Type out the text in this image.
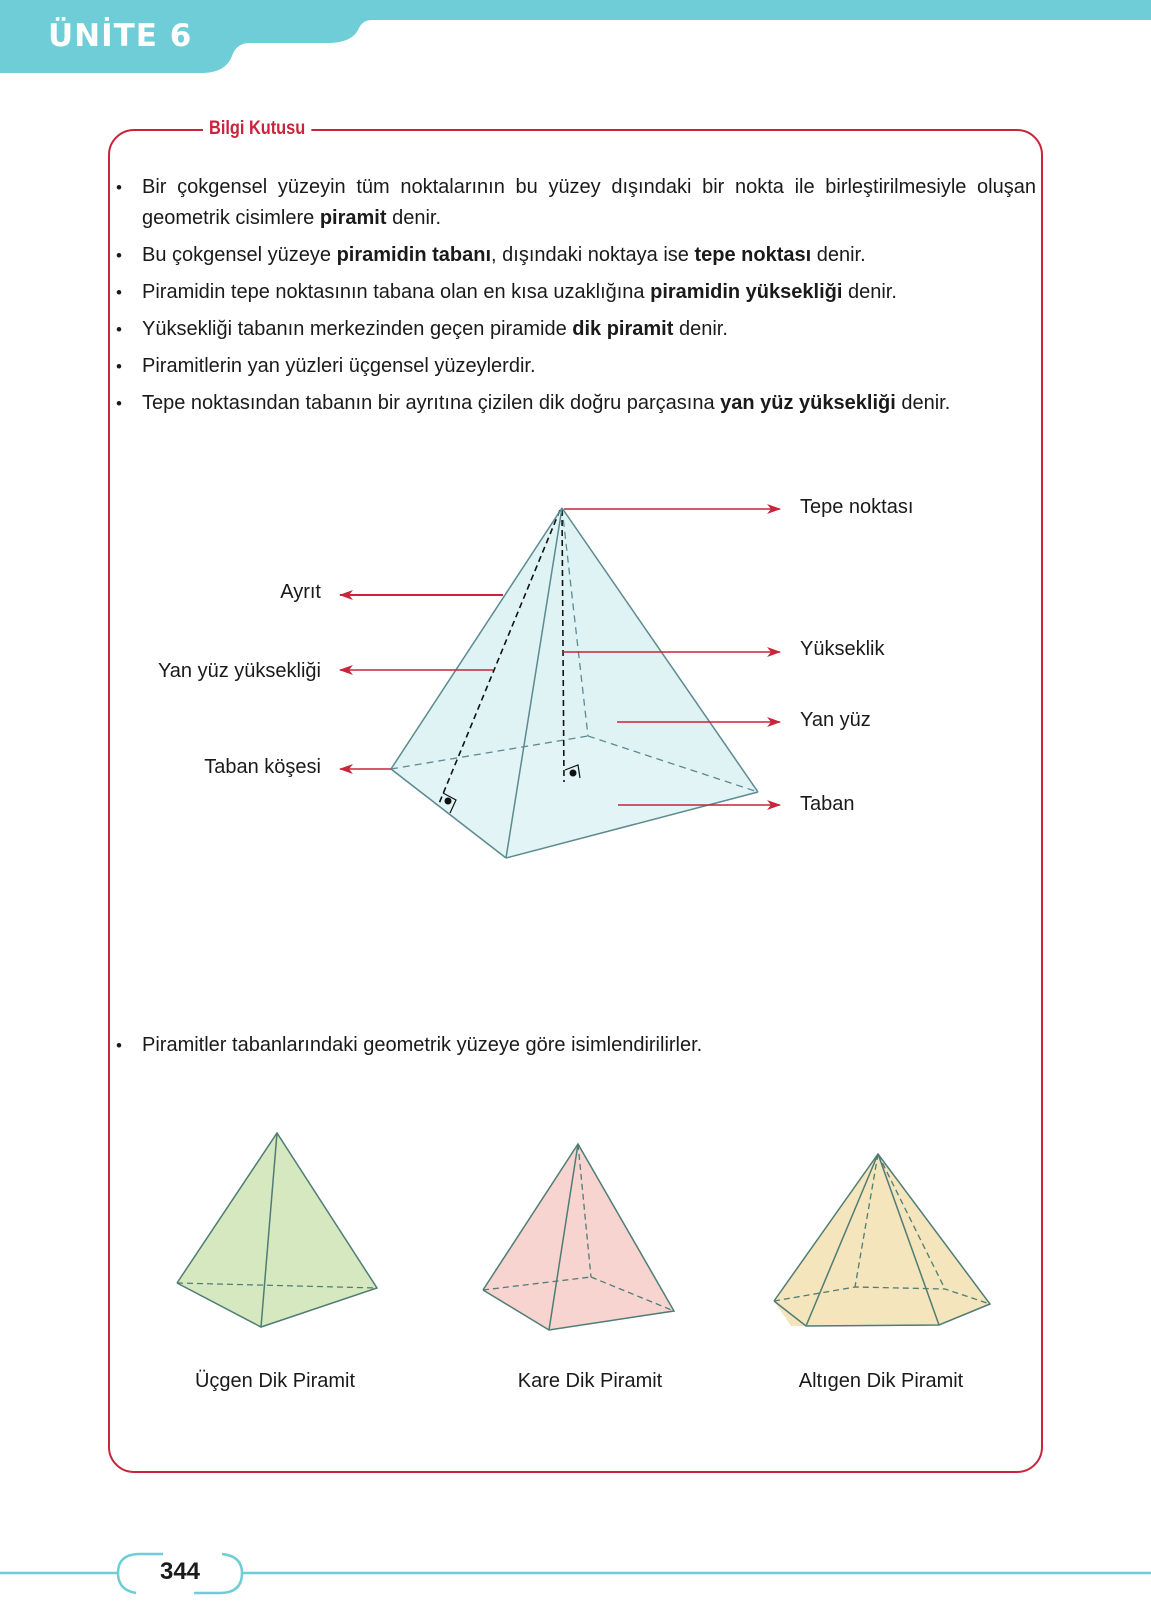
ÜNİTE 6
Bilgi Kutusu
• Bir çokgensel yüzeyin tüm noktalarının bu yüzey dışındaki bir nokta ile birleştirilmesiyle oluşan geometrik cisimlere piramit denir.
• Bu çokgensel yüzeye piramidin tabanı, dışındaki noktaya ise tepe noktası denir.
• Piramidin tepe noktasının tabana olan en kısa uzaklığına piramidin yüksekliği denir.
• Yüksekliği tabanın merkezinden geçen piramide dik piramit denir.
• Piramitlerin yan yüzleri üçgensel yüzeylerdir.
• Tepe noktasından tabanın bir ayrıtına çizilen dik doğru parçasına yan yüz yüksekliği denir.
Tepe noktası
Yükseklik
Yan yüz
Taban
Ayrıt
Yan yüz yüksekliği
Taban köşesi
• Piramitler tabanlarındaki geometrik yüzeye göre isimlendirilirler.
Üçgen Dik Piramit	Kare Dik Piramit	Altıgen Dik Piramit
344
